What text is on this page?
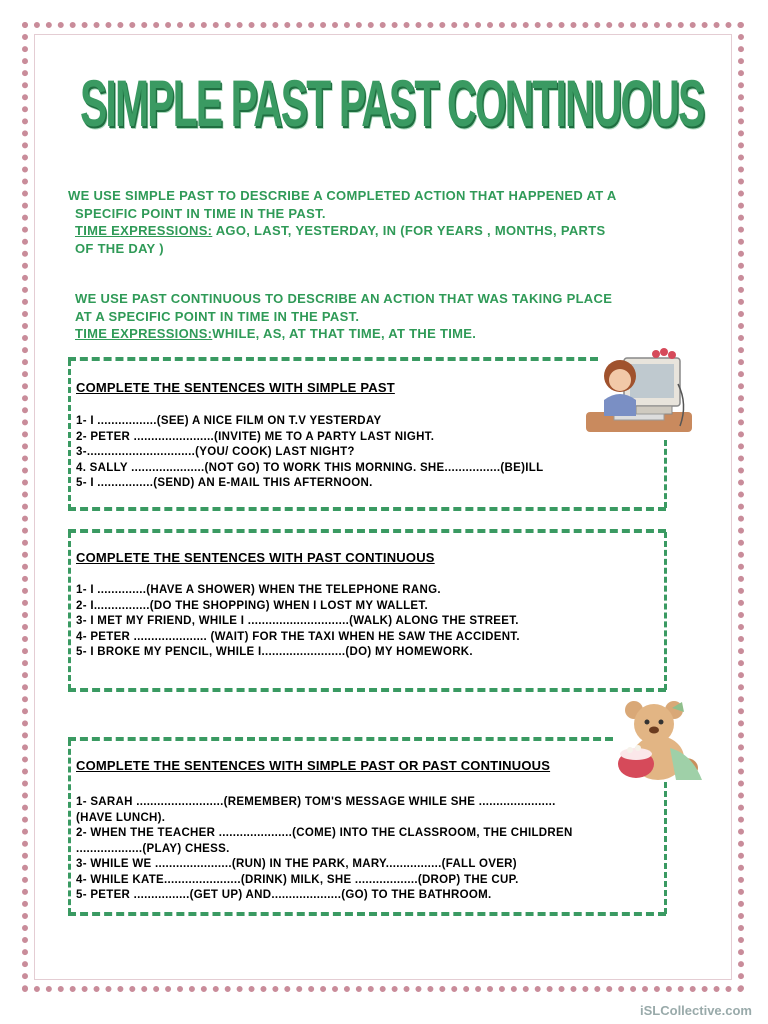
SIMPLE PAST PAST CONTINUOUS
WE USE SIMPLE PAST TO DESCRIBE A COMPLETED ACTION THAT HAPPENED AT A
SPECIFIC POINT IN TIME IN THE PAST.
TIME EXPRESSIONS: AGO, LAST, YESTERDAY, IN (FOR YEARS , MONTHS, PARTS
OF THE DAY )
WE USE PAST CONTINUOUS TO DESCRIBE AN ACTION THAT WAS TAKING PLACE
AT A SPECIFIC POINT IN TIME IN THE PAST.
TIME EXPRESSIONS:WHILE, AS, AT THAT TIME, AT THE TIME.
COMPLETE THE SENTENCES WITH SIMPLE PAST
1- I .................(SEE) A NICE FILM ON T.V YESTERDAY
2- PETER .......................(INVITE) ME TO A PARTY LAST NIGHT.
3-...............................(YOU/ COOK) LAST NIGHT?
4. SALLY .....................(NOT GO) TO WORK THIS MORNING. SHE................(BE)ILL
5- I ................(SEND) AN E-MAIL THIS AFTERNOON.
COMPLETE THE SENTENCES WITH PAST CONTINUOUS
1- I ..............(HAVE A SHOWER) WHEN THE TELEPHONE RANG.
2- I................(DO THE SHOPPING) WHEN I LOST MY WALLET.
3- I MET MY FRIEND, WHILE I .............................(WALK) ALONG THE STREET.
4- PETER ..................... (WAIT) FOR THE TAXI WHEN HE SAW THE ACCIDENT.
5- I BROKE MY PENCIL, WHILE I........................(DO) MY HOMEWORK.
COMPLETE THE SENTENCES WITH SIMPLE PAST OR PAST CONTINUOUS
1- SARAH .........................(REMEMBER) TOM'S MESSAGE WHILE SHE ......................
(HAVE LUNCH).
2- WHEN THE TEACHER .....................(COME) INTO THE CLASSROOM, THE CHILDREN
...................(PLAY) CHESS.
3- WHILE WE ......................(RUN) IN THE PARK, MARY................(FALL OVER)
4- WHILE KATE......................(DRINK) MILK, SHE ..................(DROP) THE CUP.
5- PETER ................(GET UP) AND....................(GO) TO THE BATHROOM.
iSLCollective.com
